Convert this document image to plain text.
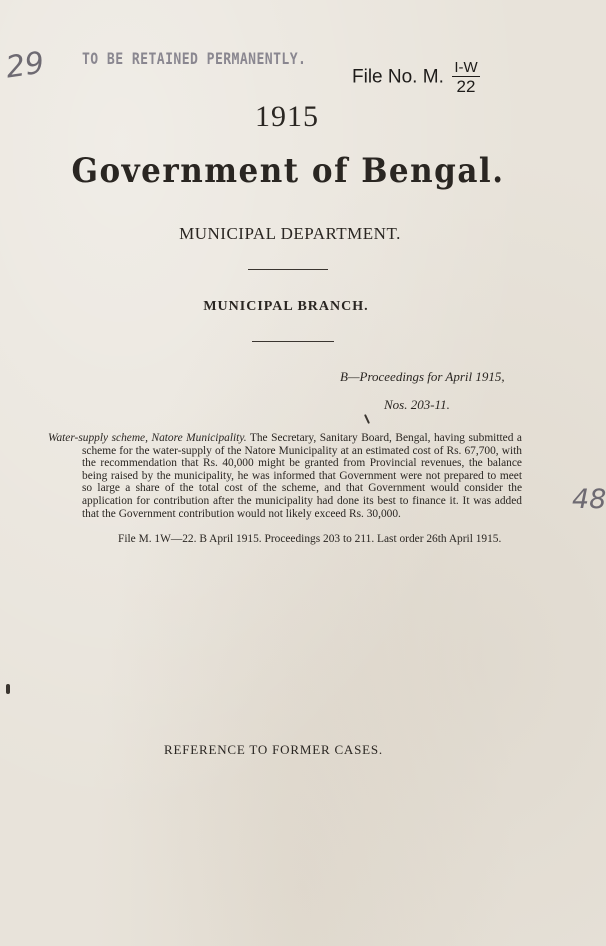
29
48
TO BE RETAINED PERMANENTLY.
File No. M. $\frac{I-W}{22}$
1915
Government of Bengal.
MUNICIPAL DEPARTMENT.
MUNICIPAL BRANCH.
B—Proceedings for April 1915,
Nos. 203-11.
Water-supply scheme, Natore Municipality. The Secretary, Sanitary Board, Bengal, having submitted a scheme for the water-supply of the Natore Municipality at an estimated cost of Rs. 67,700, with the recommendation that Rs. 40,000 might be granted from Provincial revenues, the balance being raised by the municipality, he was informed that Government were not prepared to meet so large a share of the total cost of the scheme, and that Government would consider the application for contribution after the municipality had done its best to finance it. It was added that the Government contribution would not likely exceed Rs. 30,000.
File M. 1W—22. B April 1915. Proceedings 203 to 211. Last order 26th April 1915.
REFERENCE TO FORMER CASES.
